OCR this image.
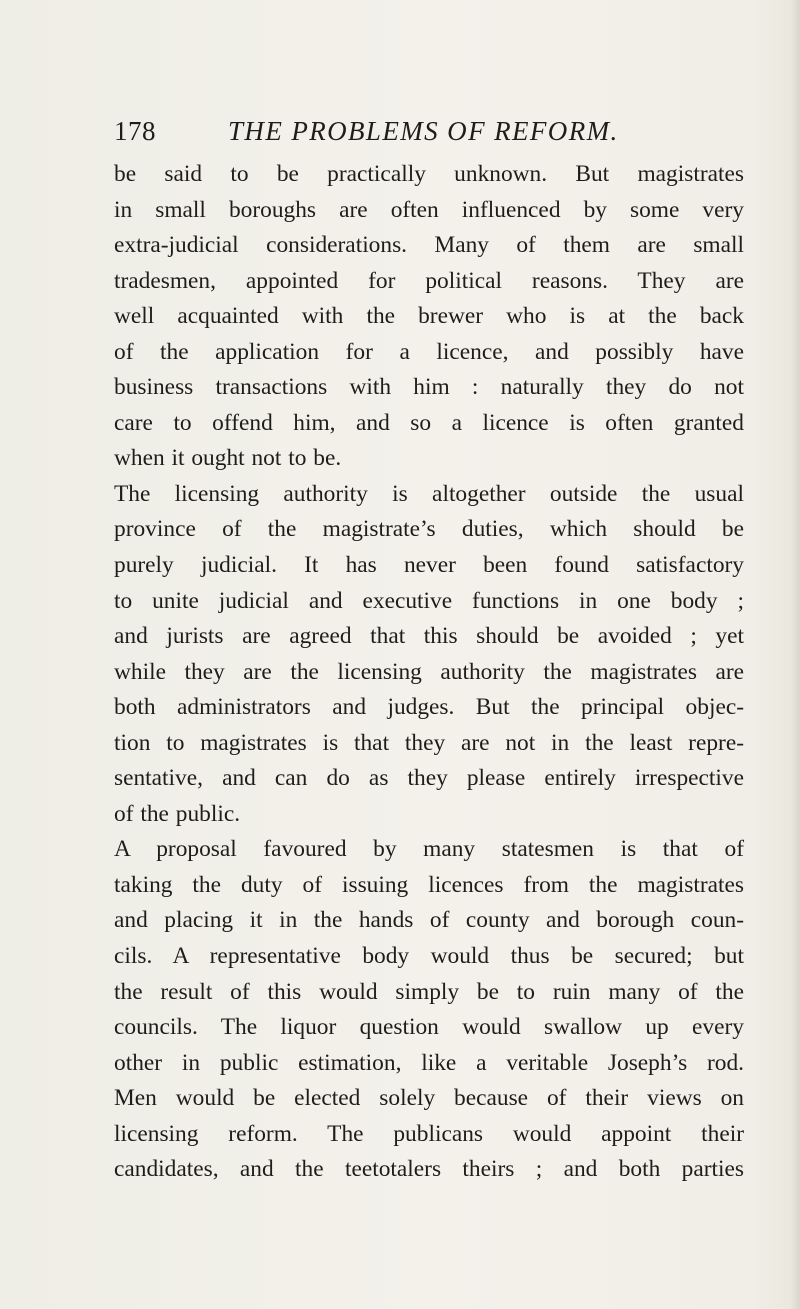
178	THE PROBLEMS OF REFORM.
be said to be practically unknown. But magistrates
in small boroughs are often influenced by some very
extra-judicial considerations. Many of them are small
tradesmen, appointed for political reasons. They are
well acquainted with the brewer who is at the back
of the application for a licence, and possibly have
business transactions with him : naturally they do not
care to offend him, and so a licence is often granted
when it ought not to be.
The licensing authority is altogether outside the usual
province of the magistrate’s duties, which should be
purely judicial. It has never been found satisfactory
to unite judicial and executive functions in one body ;
and jurists are agreed that this should be avoided ; yet
while they are the licensing authority the magistrates are
both administrators and judges. But the principal objec-
tion to magistrates is that they are not in the least repre-
sentative, and can do as they please entirely irrespective
of the public.
A proposal favoured by many statesmen is that of
taking the duty of issuing licences from the magistrates
and placing it in the hands of county and borough coun-
cils. A representative body would thus be secured; but
the result of this would simply be to ruin many of the
councils. The liquor question would swallow up every
other in public estimation, like a veritable Joseph’s rod.
Men would be elected solely because of their views on
licensing reform. The publicans would appoint their
candidates, and the teetotalers theirs ; and both parties
